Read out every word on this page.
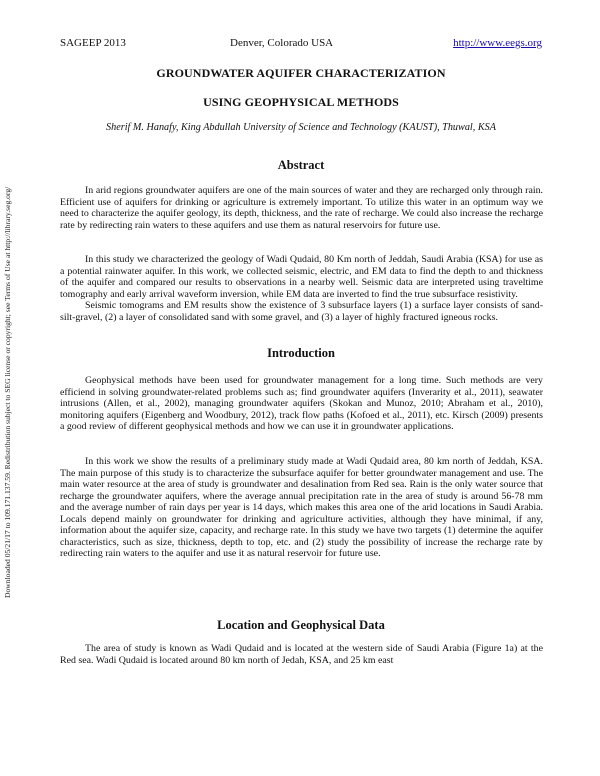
Downloaded 05/21/17 to 109.171.137.59. Redistribution subject to SEG license or copyright; see Terms of Use at http://library.seg.org/
SAGEEP 2013	Denver, Colorado USA	http://www.eegs.org
GROUNDWATER AQUIFER CHARACTERIZATION
USING GEOPHYSICAL METHODS
Sherif M. Hanafy, King Abdullah University of Science and Technology (KAUST), Thuwal, KSA
Abstract

In arid regions groundwater aquifers are one of the main sources of water and they are recharged only through rain. Efficient use of aquifers for drinking or agriculture is extremely important. To utilize this water in an optimum way we need to characterize the aquifer geology, its depth, thickness, and the rate of recharge. We could also increase the recharge rate by redirecting rain waters to these aquifers and use them as natural reservoirs for future use.

In this study we characterized the geology of Wadi Qudaid, 80 Km north of Jeddah, Saudi Arabia (KSA) for use as a potential rainwater aquifer. In this work, we collected seismic, electric, and EM data to find the depth to and thickness of the aquifer and compared our results to observations in a nearby well. Seismic data are interpreted using traveltime tomography and early arrival waveform inversion, while EM data are inverted to find the true subsurface resistivity.

Seismic tomograms and EM results show the existence of 3 subsurface layers (1) a surface layer consists of sand-silt-gravel, (2) a layer of consolidated sand with some gravel, and (3) a layer of highly fractured igneous rocks.

Introduction

Geophysical methods have been used for groundwater management for a long time. Such methods are very efficiend in solving groundwater-related problems such as; find groundwater aquifers (Inverarity et al., 2011), seawater intrusions (Allen, et al., 2002), managing groundwater aquifers (Skokan and Munoz, 2010; Abraham et al., 2010), monitoring aquifers (Eigenberg and Woodbury, 2012), track flow paths (Kofoed et al., 2011), etc. Kirsch (2009) presents a good review of different geophysical methods and how we can use it in groundwater applications.

In this work we show the results of a preliminary study made at Wadi Qudaid area, 80 km north of Jeddah, KSA. The main purpose of this study is to characterize the subsurface aquifer for better groundwater management and use. The main water resource at the area of study is groundwater and desalination from Red sea. Rain is the only water source that recharge the groundwater aquifers, where the average annual precipitation rate in the area of study is around 56-78 mm and the average number of rain days per year is 14 days, which makes this area one of the arid locations in Saudi Arabia. Locals depend mainly on groundwater for drinking and agriculture activities, although they have minimal, if any, information about the aquifer size, capacity, and recharge rate. In this study we have two targets (1) determine the aquifer characteristics, such as size, thickness, depth to top, etc. and (2) study the possibility of increase the recharge rate by redirecting rain waters to the aquifer and use it as natural reservoir for future use.

Location and Geophysical Data

The area of study is known as Wadi Qudaid and is located at the western side of Saudi Arabia (Figure 1a) at the Red sea. Wadi Qudaid is located around 80 km north of Jedah, KSA, and 25 km east
